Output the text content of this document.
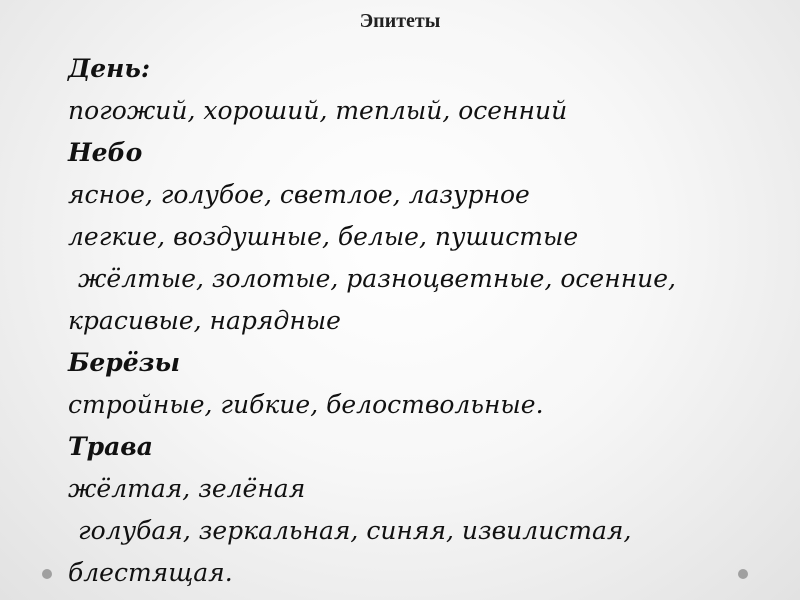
Эпитеты
День:
погожий, хороший, теплый, осенний
Небо
ясное, голубое, светлое, лазурное
легкие, воздушные, белые, пушистые
жёлтые, золотые, разноцветные, осенние,
красивые, нарядные
Берёзы
стройные, гибкие, белоствольные.
Трава
жёлтая, зелёная
голубая, зеркальная, синяя, извилистая,
блестящая.
